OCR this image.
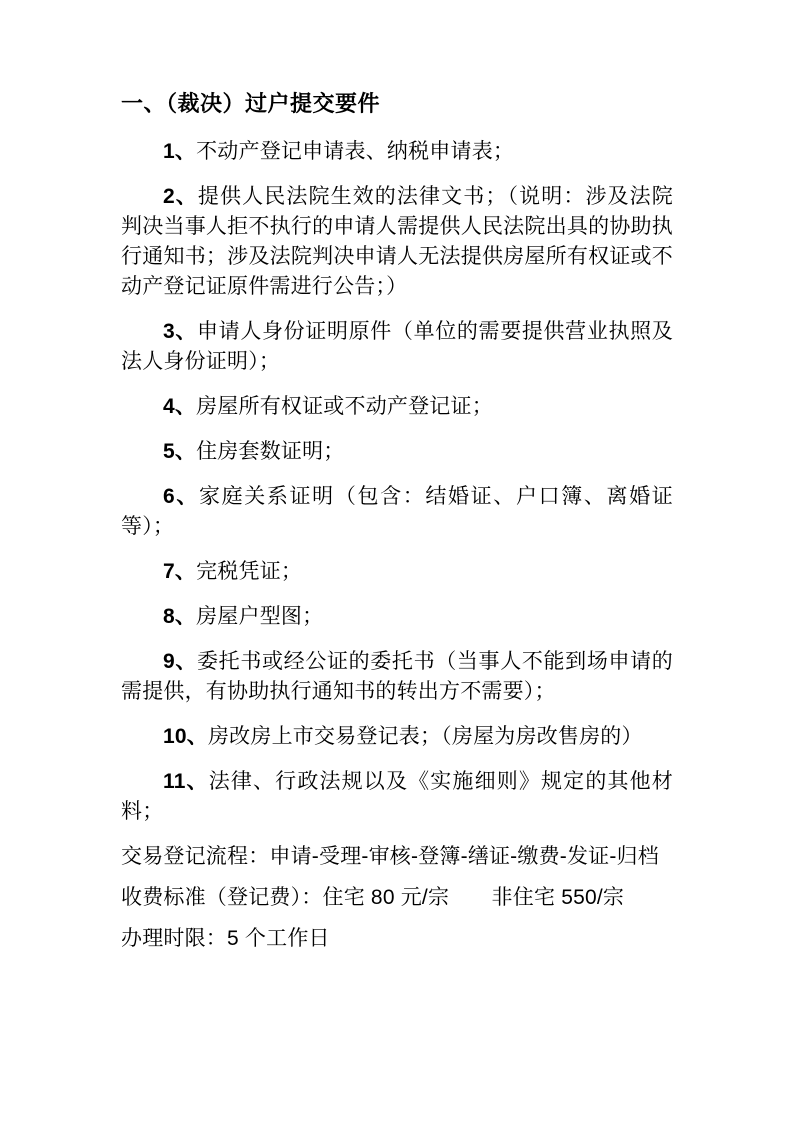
一、（裁决）过户提交要件

1、不动产登记申请表、纳税申请表；

2、提供人民法院生效的法律文书；（说明：涉及法院判决当事人拒不执行的申请人需提供人民法院出具的协助执行通知书；涉及法院判决申请人无法提供房屋所有权证或不动产登记证原件需进行公告；）

3、申请人身份证明原件（单位的需要提供营业执照及法人身份证明）；

4、房屋所有权证或不动产登记证；

5、住房套数证明；

6、家庭关系证明（包含：结婚证、户口簿、离婚证等）；

7、完税凭证；

8、房屋户型图；

9、委托书或经公证的委托书（当事人不能到场申请的需提供，有协助执行通知书的转出方不需要）；

10、房改房上市交易登记表；（房屋为房改售房的）

11、法律、行政法规以及《实施细则》规定的其他材料；

交易登记流程：申请-受理-审核-登簿-缮证-缴费-发证-归档

收费标准（登记费）：住宅 80 元/宗　　非住宅 550/宗

办理时限：5 个工作日
